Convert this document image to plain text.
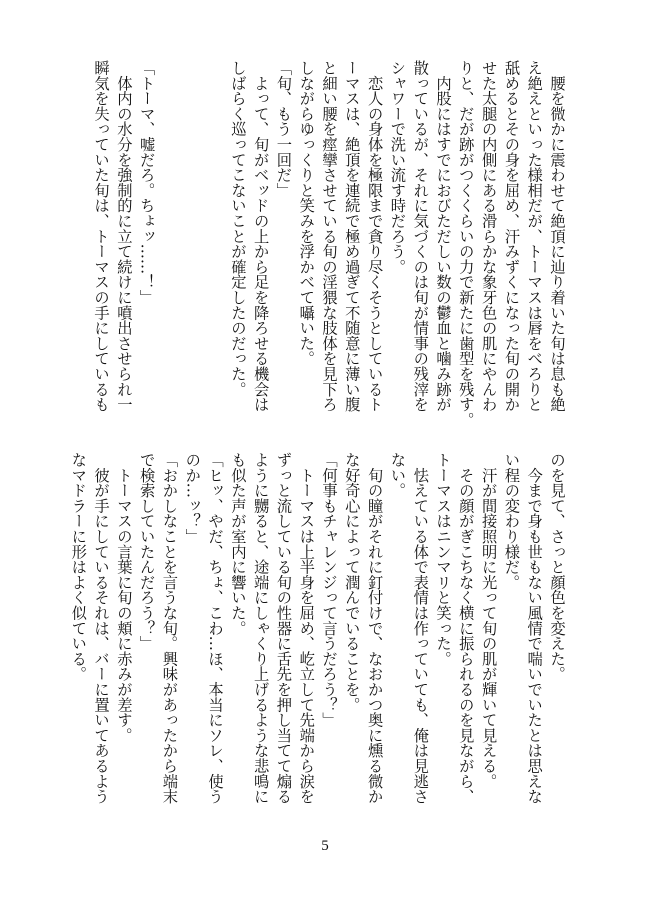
　腰を微かに震わせて絶頂に辿り着いた旬は息も絶
え絶えといった様相だが、トーマスは唇をべろりと
舐めるとその身を屈め、汗みずくになった旬の開か
せた太腿の内側にある滑らかな象牙色の肌にやんわ
りと、だが跡がつくくらいの力で新たに歯型を残す。
　内股にはすでにおびただしい数の鬱血と噛み跡が
散っているが、それに気づくのは旬が情事の残滓を
シャワーで洗い流す時だろう。
　恋人の身体を極限まで貪り尽くそうとしているト
ーマスは、絶頂を連続で極め過ぎて不随意に薄い腹
と細い腰を痙攣させている旬の淫猥な肢体を見下ろ
しながらゆっくりと笑みを浮かべて囁いた。
「旬、もう一回だ」
　よって、旬がベッドの上から足を降ろせる機会は
しばらく巡ってこないことが確定したのだった。
「トーマ、嘘だろ。ちょッ……！」
　体内の水分を強制的に立て続けに噴出させられ一
瞬気を失っていた旬は、トーマスの手にしているも
のを見て、さっと顔色を変えた。
　今まで身も世もない風情で喘いでいたとは思えな
い程の変わり様だ。
　汗が間接照明に光って旬の肌が輝いて見える。
　その顔がぎこちなく横に振られるのを見ながら、
トーマスはニンマリと笑った。
　怯えている体で表情は作っていても、俺は見逃さ
ない。
　旬の瞳がそれに釘付けで、なおかつ奥に燻る微か
な好奇心によって潤んでいることを。
「何事もチャレンジって言うだろう？」
　トーマスは上半身を屈め、屹立して先端から涙を
ずっと流している旬の性器に舌先を押し当てて煽る
ように嬲ると、途端にしゃくり上げるような悲鳴に
も似た声が室内に響いた。
「ヒッ、やだ、ちょ、こわ…ほ、本当にソレ、使う
のか…ッ？」
「おかしなことを言うな旬。興味があったから端末
で検索していたんだろう？」
　トーマスの言葉に旬の頬に赤みが差す。
　彼が手にしているそれは、バーに置いてあるよう
なマドラーに形はよく似ている。
5
